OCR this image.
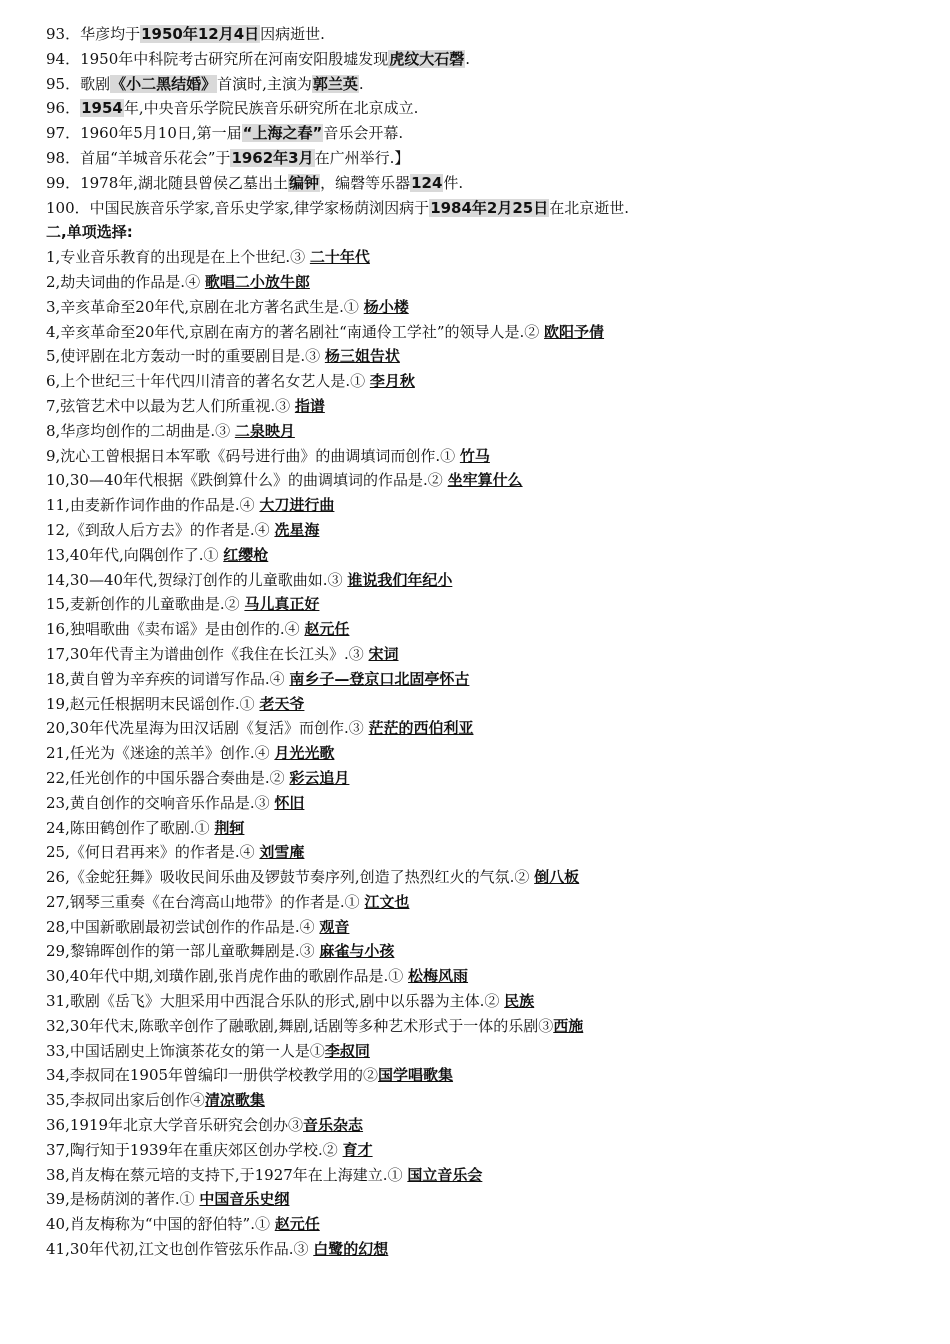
93．华彦均于1950年12月4日因病逝世.
94．1950年中科院考古研究所在河南安阳殷墟发现虎纹大石磬.
95．歌剧《小二黑结婚》首演时,主演为郭兰英.
96．1954年,中央音乐学院民族音乐研究所在北京成立.
97．1960年5月10日,第一届“上海之春”音乐会开幕.
98．首届“羊城音乐花会”于1962年3月在广州举行.】
99．1978年,湖北随县曾侯乙墓出土编钟，编磬等乐器124件.
100．中国民族音乐学家,音乐史学家,律学家杨荫浏因病于1984年2月25日在北京逝世.
二,单项选择:
1,专业音乐教育的出现是在上个世纪.③ 二十年代
2,劫夫词曲的作品是.④ 歌唱二小放牛郎
3,辛亥革命至20年代,京剧在北方著名武生是.① 杨小楼
4,辛亥革命至20年代,京剧在南方的著名剧社“南通伶工学社”的领导人是.② 欧阳予倩
5,使评剧在北方轰动一时的重要剧目是.③ 杨三姐告状
6,上个世纪三十年代四川清音的著名女艺人是.① 李月秋
7,弦管艺术中以最为艺人们所重视.③ 指谱
8,华彦均创作的二胡曲是.③ 二泉映月
9,沈心工曾根据日本军歌《码号进行曲》的曲调填词而创作.① 竹马
10,30—40年代根据《跌倒算什么》的曲调填词的作品是.② 坐牢算什么
11,由麦新作词作曲的作品是.④ 大刀进行曲
12,《到敌人后方去》的作者是.④ 冼星海
13,40年代,向隅创作了.① 红缨枪
14,30—40年代,贺绿汀创作的儿童歌曲如.③ 谁说我们年纪小
15,麦新创作的儿童歌曲是.② 马儿真正好
16,独唱歌曲《卖布谣》是由创作的.④ 赵元任
17,30年代青主为谱曲创作《我住在长江头》.③ 宋词
18,黄自曾为辛弃疾的词谱写作品.④ 南乡子—登京口北固亭怀古
19,赵元任根据明末民谣创作.① 老天爷
20,30年代冼星海为田汉话剧《复活》而创作.③ 茫茫的西伯利亚
21,任光为《迷途的羔羊》创作.④ 月光光歌
22,任光创作的中国乐器合奏曲是.② 彩云追月
23,黄自创作的交响音乐作品是.③ 怀旧
24,陈田鹤创作了歌剧.① 荆轲
25,《何日君再来》的作者是.④ 刘雪庵
26,《金蛇狂舞》吸收民间乐曲及锣鼓节奏序列,创造了热烈红火的气氛.② 倒八板
27,钢琴三重奏《在台湾高山地带》的作者是.① 江文也
28,中国新歌剧最初尝试创作的作品是.④ 观音
29,黎锦晖创作的第一部儿童歌舞剧是.③ 麻雀与小孩
30,40年代中期,刘璜作剧,张肖虎作曲的歌剧作品是.① 松梅风雨
31,歌剧《岳飞》大胆采用中西混合乐队的形式,剧中以乐器为主体.② 民族
32,30年代末,陈歌辛创作了融歌剧,舞剧,话剧等多种艺术形式于一体的乐剧③西施
33,中国话剧史上饰演茶花女的第一人是①李叔同
34,李叔同在1905年曾编印一册供学校教学用的②国学唱歌集
35,李叔同出家后创作④清凉歌集
36,1919年北京大学音乐研究会创办③音乐杂志
37,陶行知于1939年在重庆郊区创办学校.② 育才
38,肖友梅在蔡元培的支持下,于1927年在上海建立.① 国立音乐会
39,是杨荫浏的著作.① 中国音乐史纲
40,肖友梅称为“中国的舒伯特”.① 赵元任
41,30年代初,江文也创作管弦乐作品.③ 白鹭的幻想
